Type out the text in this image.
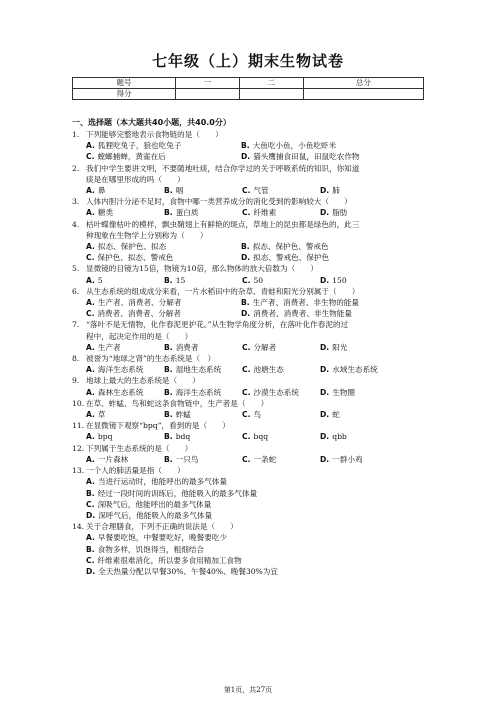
七年级（上）期末生物试卷
题号	一	二	总分
得分			
一、选择题（本大题共40小题，共40.0分）
1. 下列能够完整地表示食物链的是（　　）
A. 狐狸吃兔子，狼也吃兔子	B. 大鱼吃小鱼，小鱼吃虾米
C. 螳螂捕蝉，黄雀在后	D. 猫头鹰捕食田鼠，田鼠吃农作物
2. 我们中学生要讲文明，不要随地吐痰，结合你学过的关于呼吸系统的知识，你知道
痰是在哪里形成的吗（　　）
A. 鼻	B. 咽	C. 气管	D. 肺
3. 人体内胆汁分泌不足时，食物中哪一类营养成分的消化受到的影响较大（　　）
A. 糖类	B. 蛋白质	C. 纤维素	D. 脂肪
4. 枯叶蝶像枯叶的模样，飘虫鞘翅上有鲜艳的斑点，草地上的昆虫都是绿色的，此三
种现象在生物学上分别称为（　　）
A. 拟态、保护色、拟态	B. 拟态、保护色、警戒色
C. 保护色、拟态、警戒色	D. 拟态、警戒色、保护色
5. 显微镜的目镜为15倍，物镜为10倍，那么物体的放大倍数为（　　）
A. 5	B. 15	C. 50	D. 150
6. 从生态系统的组成成分来看，一片水稻田中的杂草、青蛙和阳光分别属于（　　）
A. 生产者、消费者、分解者	B. 生产者、消费者、非生物的能量
C. 消费者、消费者、分解者	D. 消费者、消费者、非生物能量
7. “落叶不是无情物，化作春泥更护花。”从生物学角度分析，在落叶化作春泥的过
程中，起决定作用的是（　　）
A. 生产者	B. 消费者	C. 分解者	D. 阳光
8. 被誉为“地球之肾”的生态系统是（　）
A. 海洋生态系统	B. 湿地生态系统	C. 池塘生态	D. 水域生态系统
9. 地球上最大的生态系统是（　　）
A. 森林生态系统	B. 海洋生态系统	C. 沙漠生态系统	D. 生物圈
10. 在草、蚱蜢、鸟和蛇这条食物链中，生产者是（　　）
A. 草	B. 蚱蜢	C. 鸟	D. 蛇
11. 在显微镜下观察“bpq”，看到的是（　　）
A. bpq	B. bdq	C. bqq	D. qbb
12. 下列属于生态系统的是（　　）
A. 一片森林	B. 一只鸟	C. 一条蛇	D. 一群小鸡
13. 一个人的肺活量是指（　　）
A. 当进行运动时，他能呼出的最多气体量
B. 经过一段时间的训练后，他能吸入的最多气体量
C. 深吸气后，他能呼出的最多气体量
D. 深呼气后，他能吸入的最多气体量
14. 关于合理膳食，下列不正确的说法是（　　）
A. 早餐要吃饱，中餐要吃好，晚餐要吃少
B. 食物多样，饥饱得当，粗细结合
C. 纤维素很难消化，所以要多食用精加工食物
D. 全天热量分配以早餐30%、午餐40%、晚餐30%为宜
第1页，共27页
